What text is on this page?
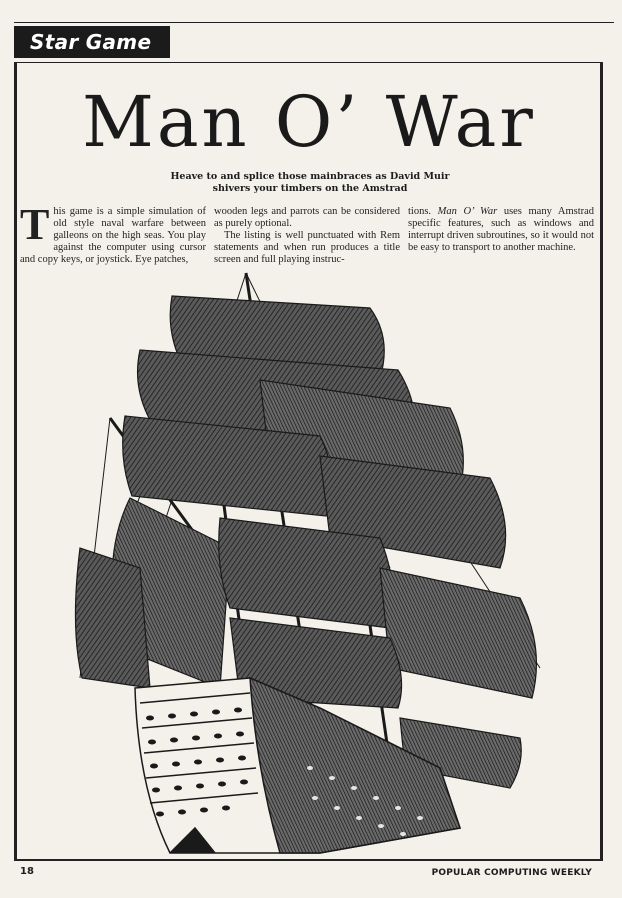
Star Game
Man O’ War
Heave to and splice those mainbraces as David Muir
shivers your timbers on the Amstrad

This game is a simple simulation of old style naval warfare between galleons on the high seas. You play against the computer using cursor and copy keys, or joystick. Eye patches,

wooden legs and parrots can be considered as purely optional.

The listing is well punctuated with Rem statements and when run produces a title screen and full playing instruc-

tions. Man O’ War uses many Amstrad specific features, such as windows and interrupt driven subroutines, so it would not be easy to transport to another machine.

18	POPULAR COMPUTING WEEKLY
